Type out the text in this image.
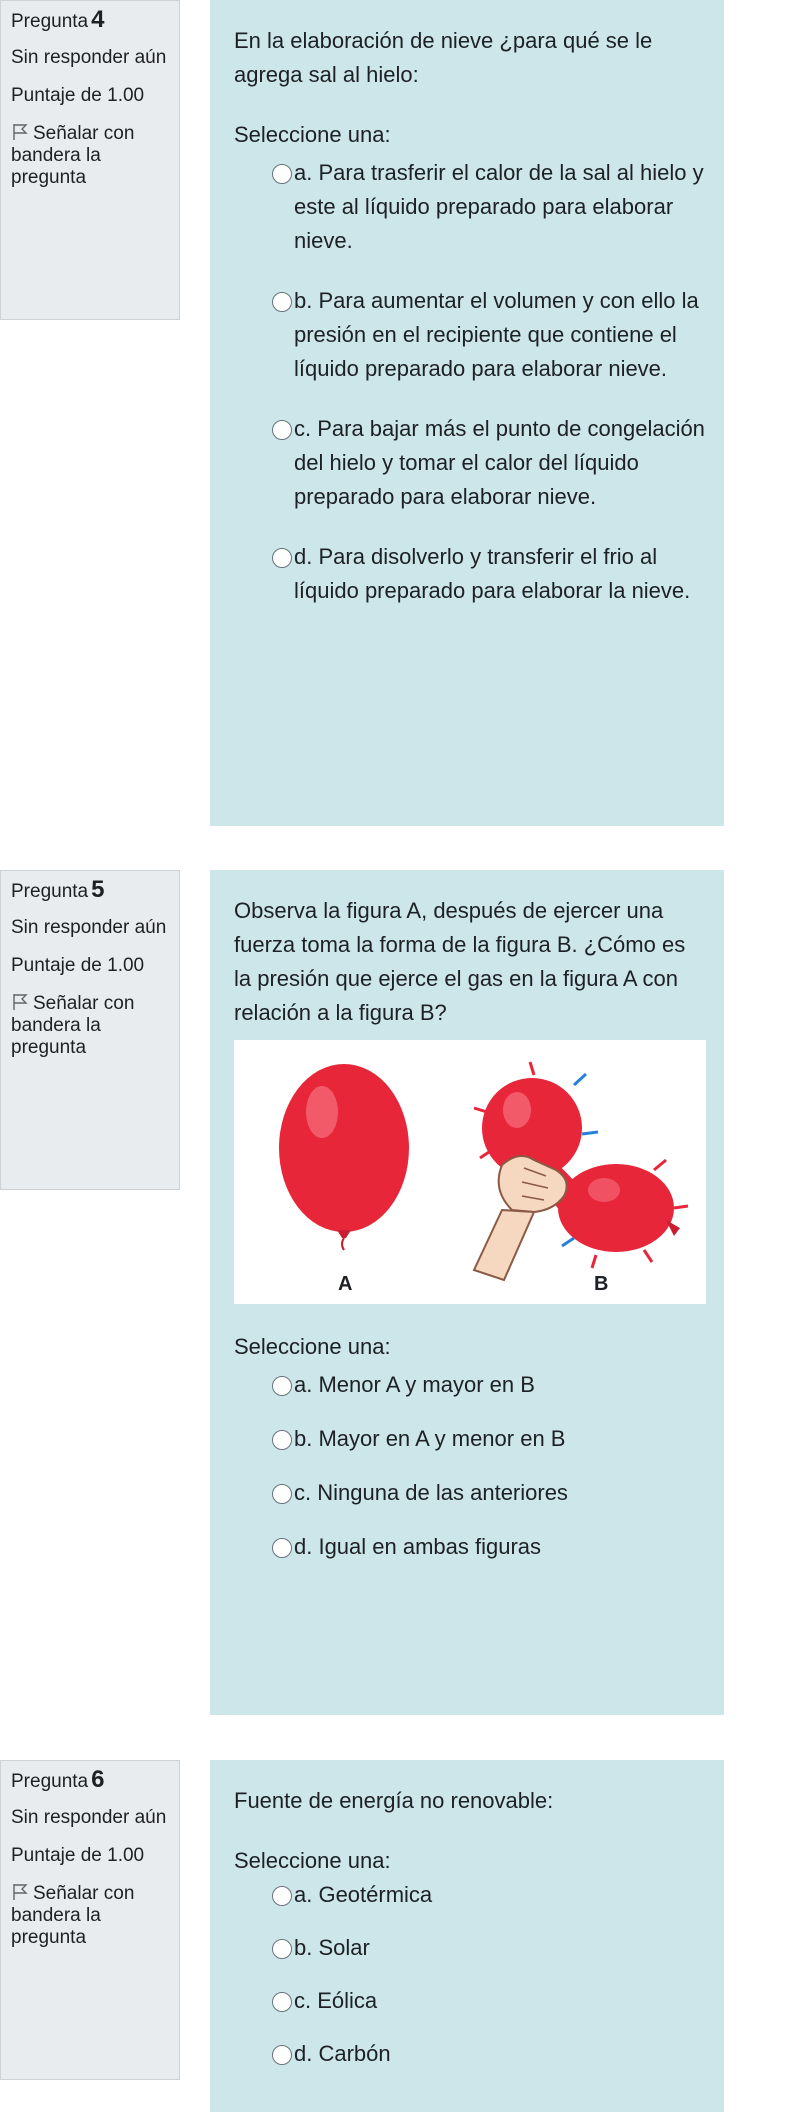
Pregunta 4
Sin responder aún
Puntaje de 1.00
Señalar con bandera la pregunta

En la elaboración de nieve ¿para qué se le agrega sal al hielo:

Seleccione una:

a. Para trasferir el calor de la sal al hielo y este al líquido preparado para elaborar nieve.
b. Para aumentar el volumen y con ello la presión en el recipiente que contiene el líquido preparado para elaborar nieve.
c. Para bajar más el punto de congelación del hielo y tomar el calor del líquido preparado para elaborar nieve.
d. Para disolverlo y transferir el frio al líquido preparado para elaborar la nieve.
Pregunta 5
Sin responder aún
Puntaje de 1.00
Señalar con bandera la pregunta

Observa la figura A, después de ejercer una fuerza toma la forma de la figura B. ¿Cómo es la presión que ejerce el gas en la figura A con relación a la figura B?

A	B

Seleccione una:

a. Menor A y mayor en B
b. Mayor en A y menor en B
c. Ninguna de las anteriores
d. Igual en ambas figuras
Pregunta 6
Sin responder aún
Puntaje de 1.00
Señalar con bandera la pregunta

Fuente de energía no renovable:

Seleccione una:

a. Geotérmica
b. Solar
c. Eólica
d. Carbón
